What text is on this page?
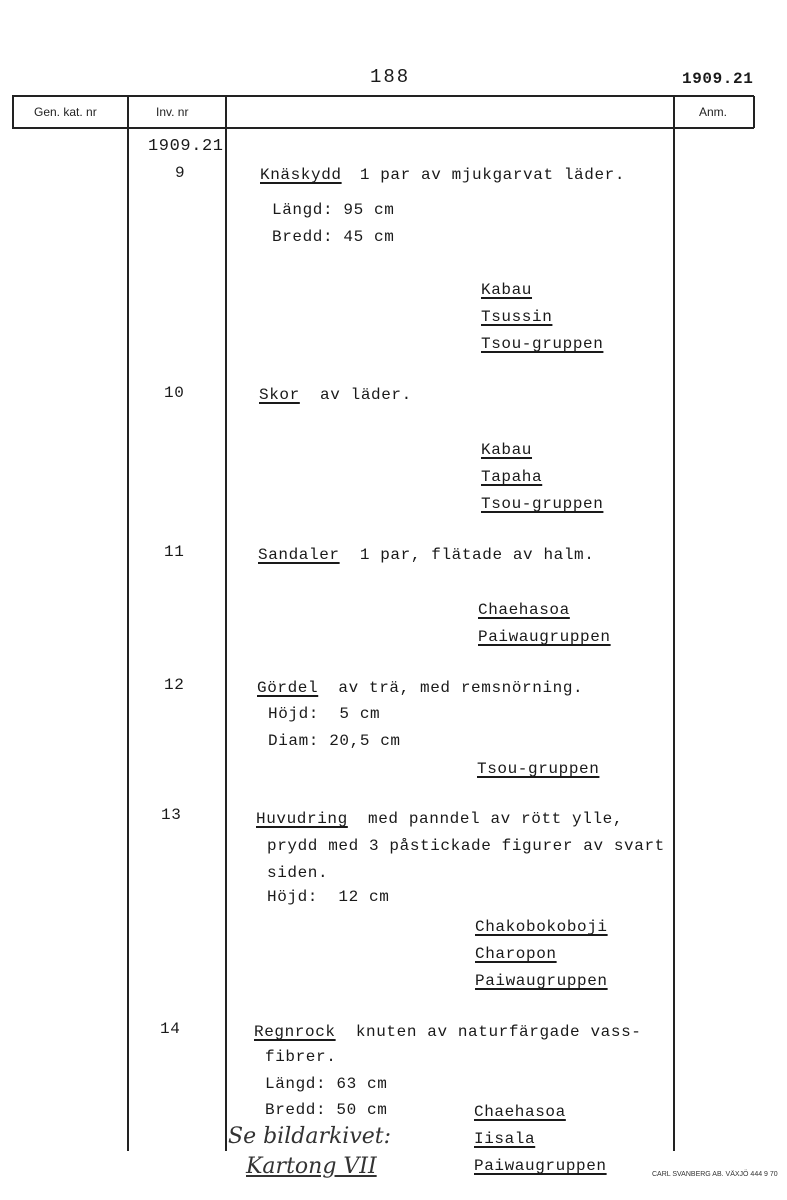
188	1909.21
Gen. kat. nr	Inv. nr	Anm.
1909.21
9	Knäskydd 1 par av mjukgarvat läder.
Längd: 95 cm
Bredd: 45 cm
Kabau
Tsussin
Tsou-gruppen
10	Skor av läder.
Kabau
Tapaha
Tsou-gruppen
11	Sandaler 1 par, flätade av halm.
Chaehasoa
Paiwaugruppen
12	Gördel av trä, med remsnörning.
Höjd:  5 cm
Diam: 20,5 cm
Tsou-gruppen
13	Huvudring med panndel av rött ylle,
prydd med 3 påstickade figurer av svart
siden.
Höjd:  12 cm
Chakobokoboji
Charopon
Paiwaugruppen
14	Regnrock knuten av naturfärgade vass-
fibrer.
Längd: 63 cm
Bredd: 50 cm	Chaehasoa
Iisala
Paiwaugruppen
Se bildarkivet:
Kartong VII	CARL SVANBERG AB. VÄXJÖ 444 9 70
